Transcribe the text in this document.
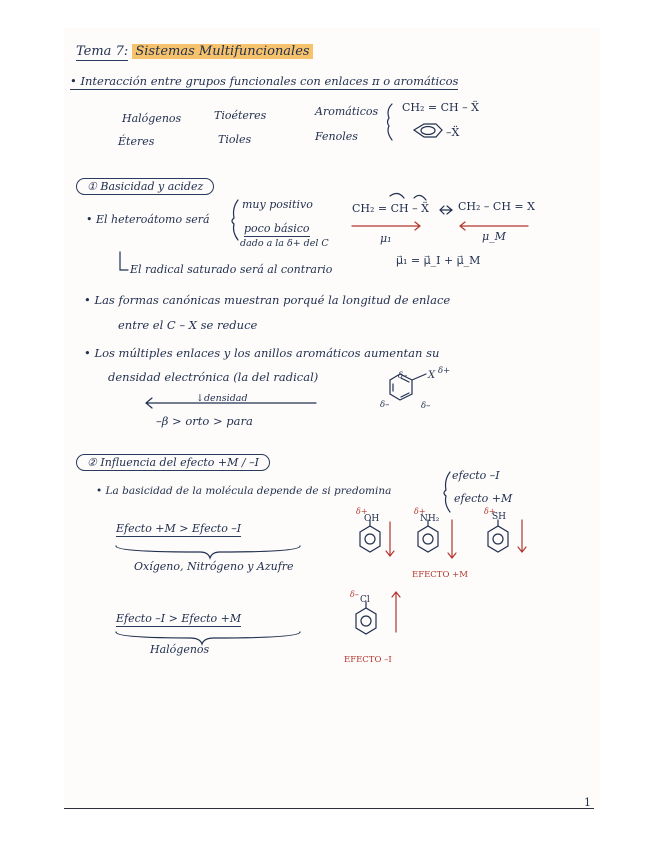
Tema 7: Sistemas Multifuncionales
• Interacción entre grupos funcionales con enlaces π o aromáticos
Halógenos
Éteres
Tioéteres
Tioles
Aromáticos
Fenoles
CH₂ = CH – Ẍ
–Ẍ
① Basicidad y acidez
• El heteroátomo será
muy positivo
poco básico
dado a la δ+ del C
CH₂ = CH – Ẍ	CH₂ – CH = X
μ₁	μ_M
μ⃗₁ = μ⃗_I + μ⃗_M
El radical saturado será al contrario
• Las formas canónicas muestran porqué la longitud de enlace
entre el C – X se reduce
• Los múltiples enlaces y los anillos aromáticos aumentan su
densidad electrónica (la del radical)
↓densidad
–β > orto > para
X δ+
δ–
δ–	δ–
② Influencia del efecto +M / –I
• La basicidad de la molécula depende de si predomina
efecto –I
efecto +M
Efecto +M > Efecto –I
Oxígeno, Nitrógeno y Azufre
Efecto –I > Efecto +M
Halógenos
δ+
OH
δ+
NH₂
δ+
SH
EFECTO +M
δ–
Cl
EFECTO –I
1
